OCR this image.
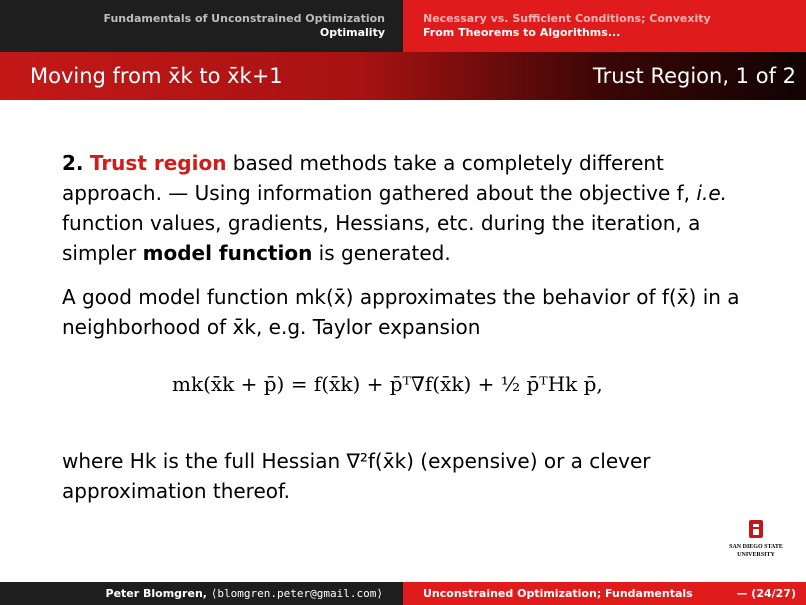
Fundamentals of Unconstrained Optimization
Optimality
Necessary vs. Sufficient Conditions; Convexity
From Theorems to Algorithms...
Moving from x̄k to x̄k+1	Trust Region, 1 of 2

2. Trust region based methods take a completely different approach. — Using information gathered about the objective f, i.e. function values, gradients, Hessians, etc. during the iteration, a simpler model function is generated.

A good model function mk(x̄) approximates the behavior of f(x̄) in a neighborhood of x̄k, e.g. Taylor expansion

mk(x̄k + p̄) = f(x̄k) + p̄ᵀ∇f(x̄k) + ½ p̄ᵀHk p̄,
where Hk is the full Hessian ∇²f(x̄k) (expensive) or a clever approximation thereof.
SAN DIEGO STATE
UNIVERSITY
Peter Blomgren,
⟨blomgren.peter@gmail.com⟩	Unconstrained Optimization; Fundamentals	— (24/27)
